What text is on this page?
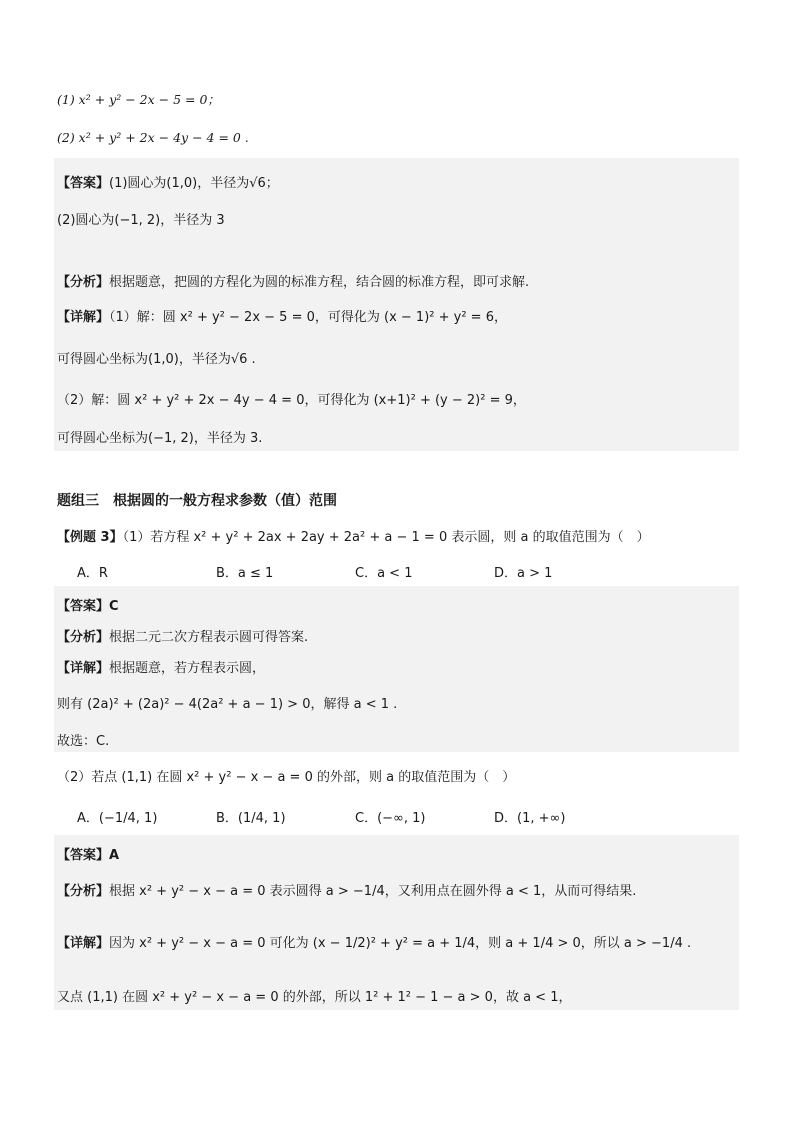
(1) x² + y² − 2x − 5 = 0；
(2) x² + y² + 2x − 4y − 4 = 0 .
【答案】(1)圆心为(1,0)，半径为√6；
(2)圆心为(−1, 2)，半径为 3
【分析】根据题意，把圆的方程化为圆的标准方程，结合圆的标准方程，即可求解.
【详解】（1）解：圆 x² + y² − 2x − 5 = 0，可得化为 (x − 1)² + y² = 6，
可得圆心坐标为(1,0)，半径为√6 .
（2）解：圆 x² + y² + 2x − 4y − 4 = 0，可得化为 (x+1)² + (y − 2)² = 9，
可得圆心坐标为(−1, 2)，半径为 3.
题组三　根据圆的一般方程求参数（值）范围
【例题 3】（1）若方程 x² + y² + 2ax + 2ay + 2a² + a − 1 = 0 表示圆，则 a 的取值范围为（　）
A．R	B．a ≤ 1	C．a < 1	D．a > 1
【答案】C
【分析】根据二元二次方程表示圆可得答案.
【详解】根据题意，若方程表示圆，
则有 (2a)² + (2a)² − 4(2a² + a − 1) > 0，解得 a < 1 .
故选：C.
（2）若点 (1,1) 在圆 x² + y² − x − a = 0 的外部，则 a 的取值范围为（　）
A．(−1/4, 1)	B．(1/4, 1)	C．(−∞, 1)	D．(1, +∞)
【答案】A
【分析】根据 x² + y² − x − a = 0 表示圆得 a > −1/4，又利用点在圆外得 a < 1，从而可得结果.
【详解】因为 x² + y² − x − a = 0 可化为 (x − 1/2)² + y² = a + 1/4，则 a + 1/4 > 0，所以 a > −1/4 .
又点 (1,1) 在圆 x² + y² − x − a = 0 的外部，所以 1² + 1² − 1 − a > 0，故 a < 1，
